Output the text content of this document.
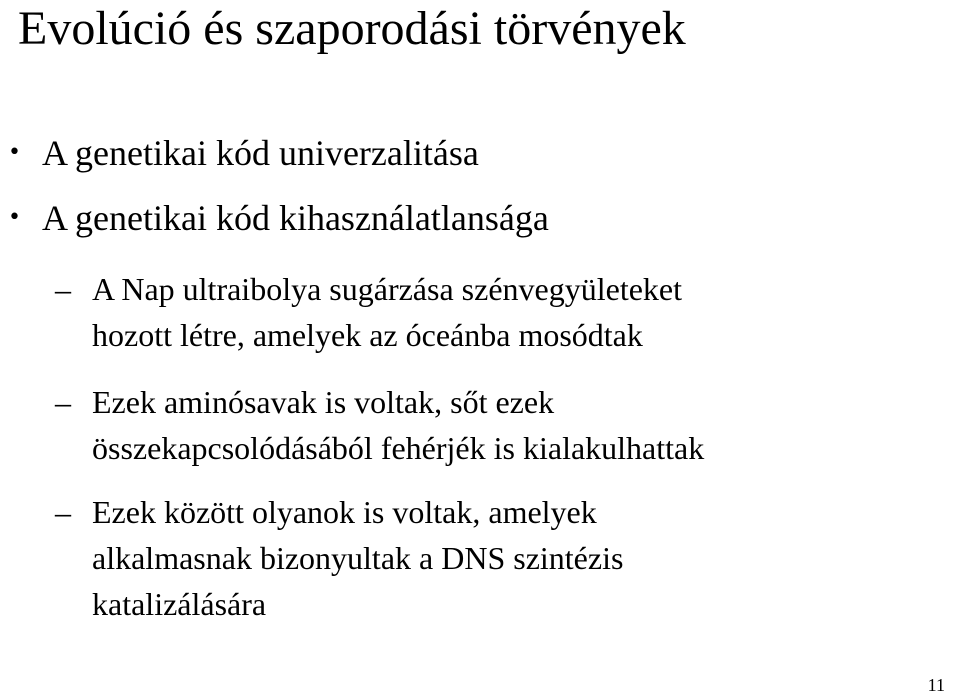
Evolúció és szaporodási törvények
• A genetikai kód univerzalitása
• A genetikai kód kihasználatlansága
– A Nap ultraibolya sugárzása szénvegyületeket
hozott létre, amelyek az óceánba mosódtak
– Ezek aminósavak is voltak, sőt ezek
összekapcsolódásából fehérjék is kialakulhattak
– Ezek között olyanok is voltak, amelyek
alkalmasnak bizonyultak a DNS szintézis
katalizálására
11
